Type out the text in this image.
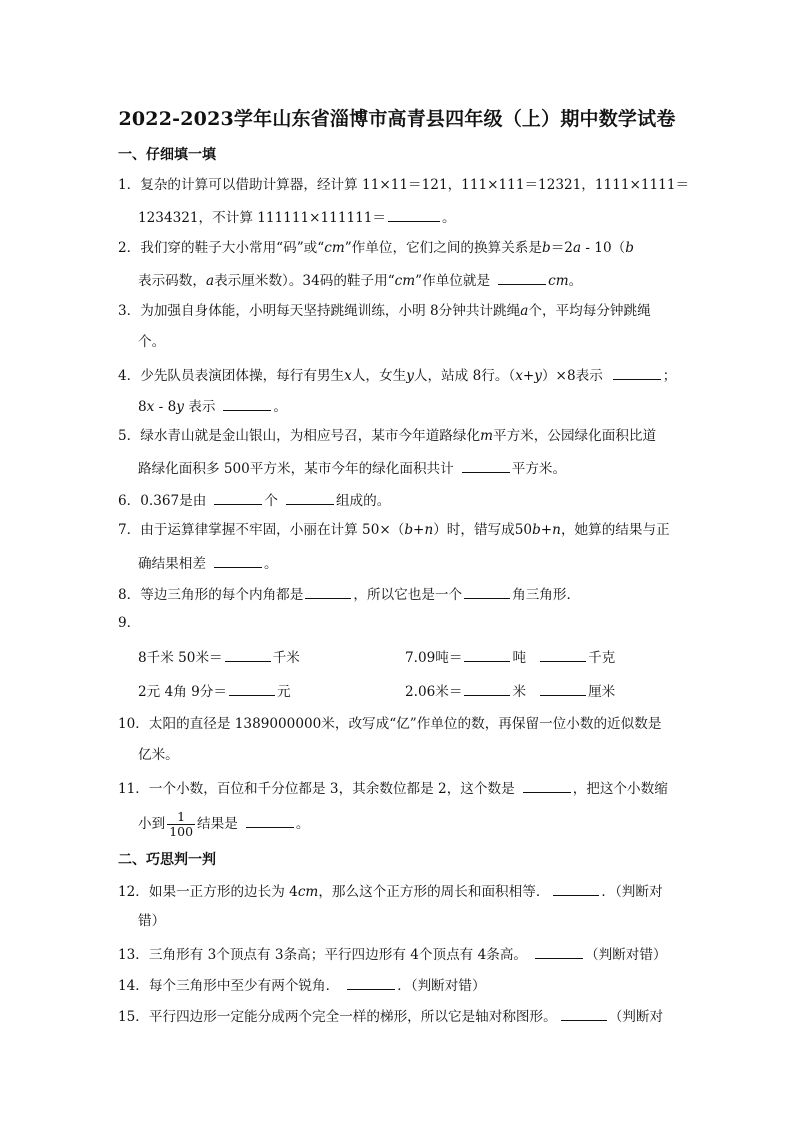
2022-2023学年山东省淄博市高青县四年级（上）期中数学试卷
一、仔细填一填
1．复杂的计算可以借助计算器，经计算 11×11＝121，111×111＝12321，1111×1111＝
1234321，不计算 111111×111111＝	。
2．我们穿的鞋子大小常用“码”或“cm”作单位，它们之间的换算关系是b＝2a - 10（b
表示码数，a表示厘米数）。34码的鞋子用“cm”作单位就是	cm。
3．为加强自身体能，小明每天坚持跳绳训练，小明 8分钟共计跳绳a个，平均每分钟跳绳
个。
4．少先队员表演团体操，每行有男生x人，女生y人，站成 8行。（x+y）×8表示	；
8x - 8y 表示	。
5．绿水青山就是金山银山，为相应号召，某市今年道路绿化m平方米，公园绿化面积比道
路绿化面积多 500平方米，某市今年的绿化面积共计	平方米。
6．0.367是由	个	组成的。
7．由于运算律掌握不牢固，小丽在计算 50×（b+n）时，错写成50b+n，她算的结果与正
确结果相差	。
8．等边三角形的每个内角都是	，所以它也是一个	角三角形．
9．
8千米 50米＝	千米	7.09吨＝	吨	千克
2元 4角 9分＝	元	2.06米＝	米	厘米
10．太阳的直径是 1389000000米，改写成“亿”作单位的数，再保留一位小数的近似数是
亿米。
11．一个小数，百位和千分位都是 3，其余数位都是 2，这个数是	，把这个小数缩
小到 $\frac{1}{100}$ 结果是	。
二、巧思判一判
12．如果一正方形的边长为 4cm，那么这个正方形的周长和面积相等．	．（判断对
错）
13．三角形有 3个顶点有 3条高；平行四边形有 4个顶点有 4条高。	（判断对错）
14．每个三角形中至少有两个锐角．	．（判断对错）
15．平行四边形一定能分成两个完全一样的梯形，所以它是轴对称图形。	（判断对
